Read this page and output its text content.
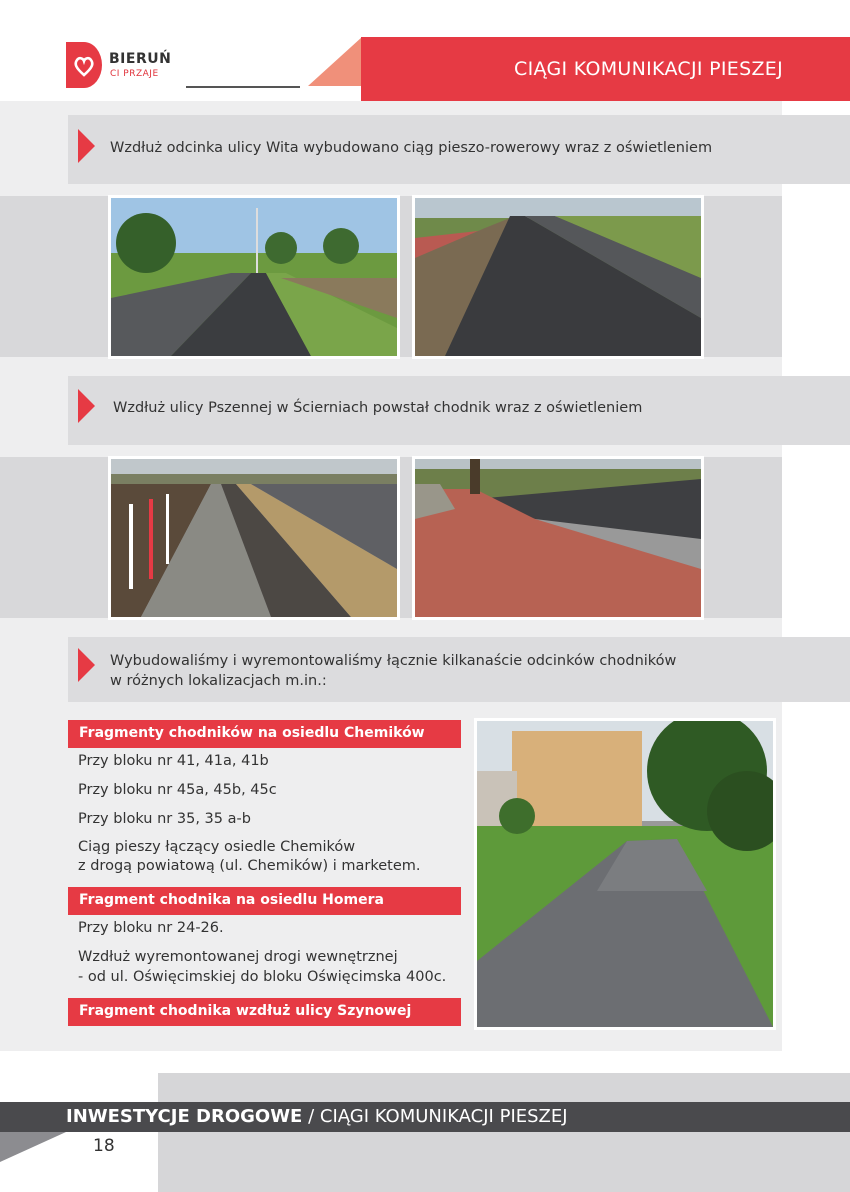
BIERUŃ
CI PRZAJE	CIĄGI KOMUNIKACJI PIESZEJ
Wzdłuż odcinka ulicy Wita wybudowano ciąg pieszo-rowerowy wraz z oświetleniem
Wzdłuż ulicy Pszennej w Ścierniach powstał chodnik wraz z oświetleniem
Wybudowaliśmy i wyremontowaliśmy łącznie kilkanaście odcinków chodników
w różnych lokalizacjach m.in.:
Fragmenty chodników na osiedlu Chemików
Przy bloku nr 41, 41a, 41b
Przy bloku nr 45a, 45b, 45c
Przy bloku nr 35, 35 a-b
Ciąg pieszy łączący osiedle Chemików
z drogą powiatową (ul. Chemików) i marketem.
Fragment chodnika na osiedlu Homera
Przy bloku nr 24-26.
Wzdłuż wyremontowanej drogi wewnętrznej
- od ul. Oświęcimskiej do bloku Oświęcimska 400c.
Fragment chodnika wzdłuż ulicy Szynowej
INWESTYCJE DROGOWE / CIĄGI KOMUNIKACJI PIESZEJ
18
